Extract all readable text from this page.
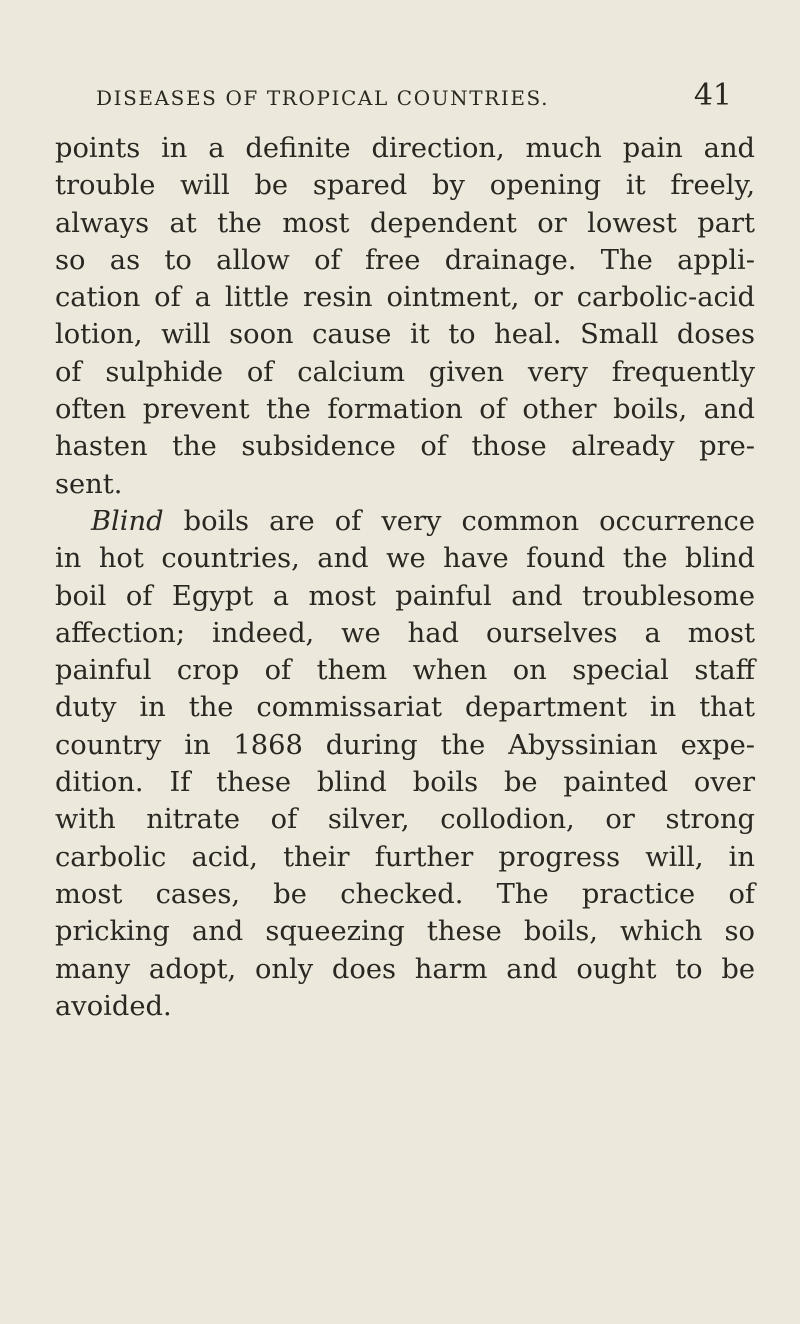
DISEASES OF TROPICAL COUNTRIES.	41
points in a definite direction, much pain and
trouble will be spared by opening it freely,
always at the most dependent or lowest part
so as to allow of free drainage. The appli-
cation of a little resin ointment, or carbolic-acid
lotion, will soon cause it to heal. Small doses
of sulphide of calcium given very frequently
often prevent the formation of other boils, and
hasten the subsidence of those already pre-
sent.
Blind boils are of very common occurrence
in hot countries, and we have found the blind
boil of Egypt a most painful and troublesome
affection; indeed, we had ourselves a most
painful crop of them when on special staff
duty in the commissariat department in that
country in 1868 during the Abyssinian expe-
dition. If these blind boils be painted over
with nitrate of silver, collodion, or strong
carbolic acid, their further progress will, in
most cases, be checked. The practice of
pricking and squeezing these boils, which so
many adopt, only does harm and ought to be
avoided.
